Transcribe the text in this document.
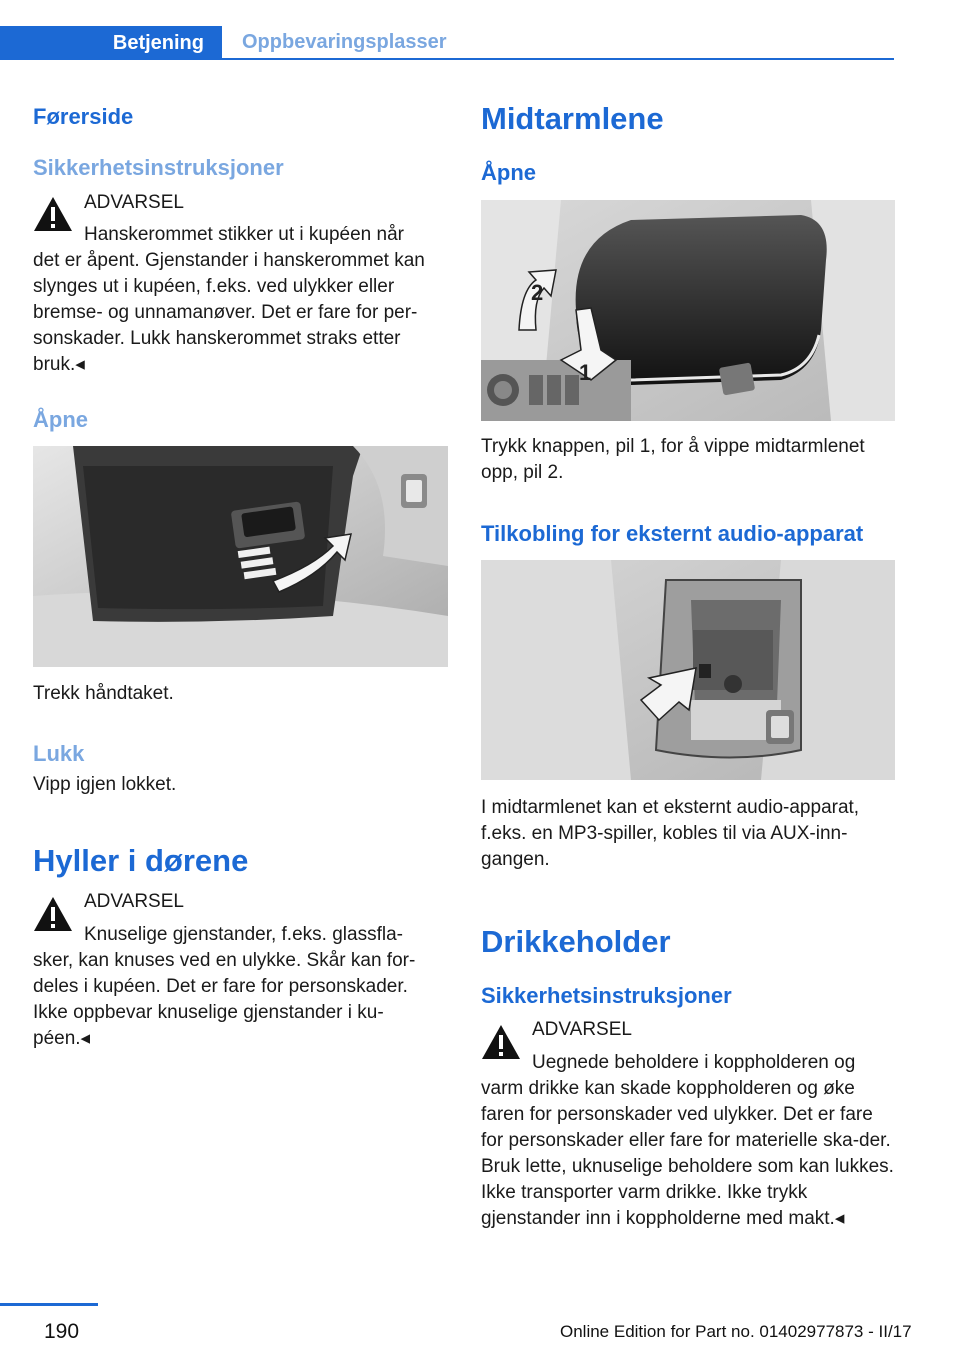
Betjening	Oppbevaringsplasser
Førerside
Sikkerhetsinstruksjoner
ADVARSEL
Hanskerommet stikker ut i kupéen når
det er åpent. Gjenstander i hanskerommet kan slynges ut i kupéen, f.eks. ved ulykker eller bremse- og unnamanøver. Det er fare for per-sonskader. Lukk hanskerommet straks etter bruk.◂
Åpne
Trekk håndtaket.
Lukk
Vipp igjen lokket.
Hyller i dørene
ADVARSEL
Knuselige gjenstander, f.eks. glassfla-
sker, kan knuses ved en ulykke. Skår kan for-deles i kupéen. Det er fare for personskader. Ikke oppbevar knuselige gjenstander i ku-péen.◂
Midtarmlene
Åpne
1
2
Trykk knappen, pil 1, for å vippe midtarmlenet opp, pil 2.
Tilkobling for eksternt audio-apparat
I midtarmlenet kan et eksternt audio-apparat, f.eks. en MP3-spiller, kobles til via AUX-inn-gangen.
Drikkeholder
Sikkerhetsinstruksjoner
ADVARSEL
Uegnede beholdere i koppholderen og
varm drikke kan skade koppholderen og øke faren for personskader ved ulykker. Det er fare for personskader eller fare for materielle ska-der. Bruk lette, uknuselige beholdere som kan lukkes. Ikke transporter varm drikke. Ikke trykk gjenstander inn i koppholderne med makt.◂
190	Online Edition for Part no. 01402977873 - II/17
